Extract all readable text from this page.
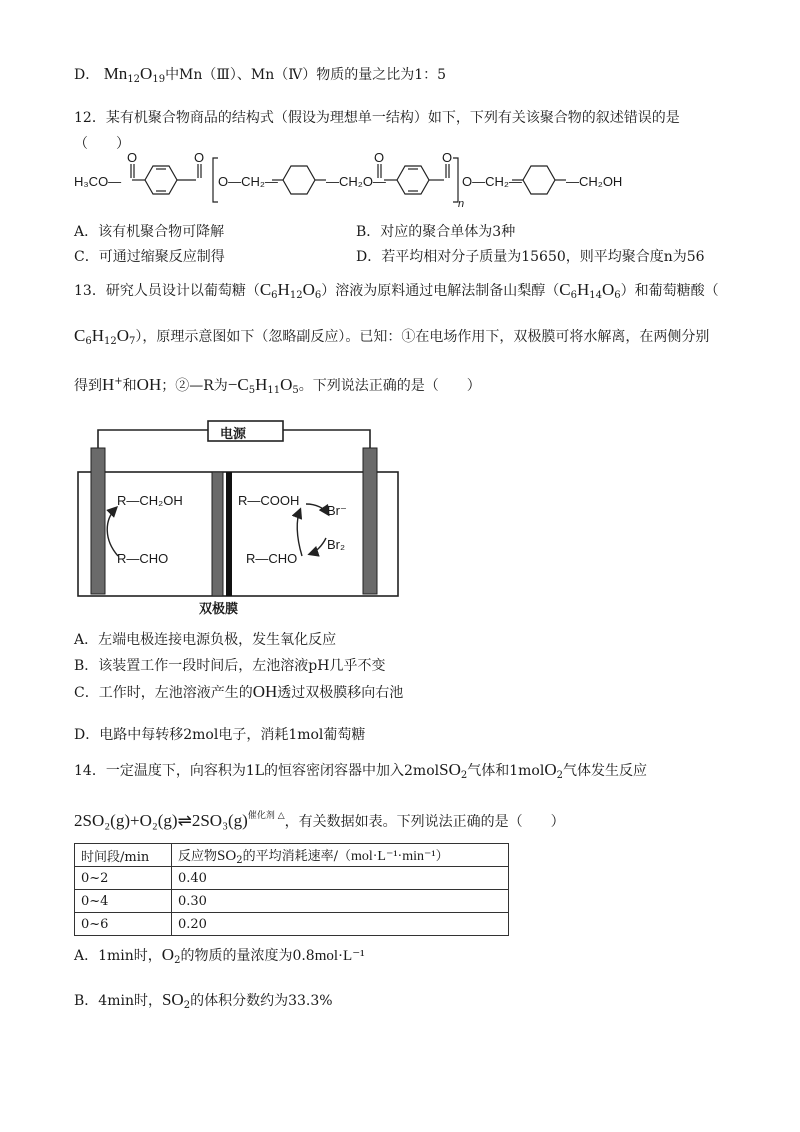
D． $Mn_{12}O_{19}$中Mn（Ⅲ）、Mn（Ⅳ）物质的量之比为1：5
12．某有机聚合物商品的结构式（假设为理想单一结构）如下，下列有关该聚合物的叙述错误的是
（　　）
H₃CO—
O	O
O—CH₂—	—CH₂O—
O	O
n
O—CH₂—	—CH₂OH
A．该有机聚合物可降解	B．对应的聚合单体为3种
C．可通过缩聚反应制得	D．若平均相对分子质量为15650，则平均聚合度n为56
13．研究人员设计以葡萄糖$(C_6H_{12}O_6)$溶液为原料通过电解法制备山梨醇$(C_6H_{14}O_6)$和葡萄糖酸（
$C_6H_{12}O_7$），原理示意图如下（忽略副反应）。已知：①在电场作用下，双极膜可将水解离，在两侧分别
得到H+和OH；②—R为$-C_5H_{11}O_5$。下列说法正确的是（　　）
电源
R—CH₂OH
R—CHO
R—COOH
R—CHO
Br⁻
Br₂
双极膜
A．左端电极连接电源负极，发生氧化反应
B．该装置工作一段时间后，左池溶液pH几乎不变
C．工作时，左池溶液产生的OH透过双极膜移向右池
D．电路中每转移2mol电子，消耗1mol葡萄糖
14．一定温度下，向容积为1L的恒容密闭容器中加入2molSO$_2$气体和1molO$_2$气体发生反应
$2SO_2(g)+O_2(g)\rightleftharpoons 2SO_3(g)^{催化剂 \triangle}$，有关数据如表。下列说法正确的是（　　）
时间段/min	反应物$SO_2$的平均消耗速率/（mol·L⁻¹·min⁻¹）
0~2	0.40
0~4	0.30
0~6	0.20
A．1min时，$O_2$的物质的量浓度为0.8mol·L⁻¹
B．4min时，$SO_2$的体积分数约为33.3%
